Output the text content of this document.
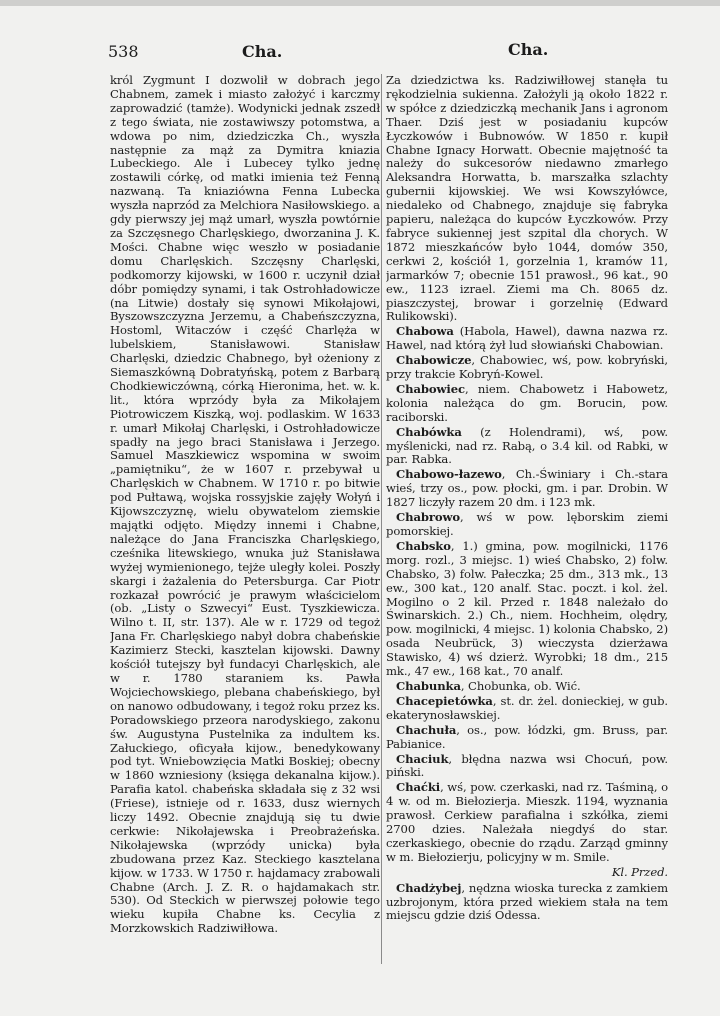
538	Cha.	Cha.

król Zygmunt I dozwolił w dobrach jego Chabnem, zamek i miasto założyć i karczmy zaprowadzić (tamże). Wodynicki jednak zszedł z tego świata, nie zostawiwszy potomstwa, a wdowa po nim, dziedziczka Ch., wyszła następnie za mąż za Dymitra kniazia Lubeckiego. Ale i Lubecey tylko jednę zostawili córkę, od matki imienia też Fenną nazwaną. Ta kniaziówna Fenna Lubecka wyszła naprzód za Melchiora Nasiłowskiego. a gdy pierwszy jej mąż umarł, wyszła powtórnie za Szczęsnego Charlęskiego, dworzanina J. K. Mości. Chabne więc weszło w posiadanie domu Charlęskich. Szczęsny Charlęski, podkomorzy kijowski, w 1600 r. uczynił dział dóbr pomiędzy synami, i tak Ostrohładowicze (na Litwie) dostały się synowi Mikołajowi, Byszowszczyzna Jerzemu, a Chabeńszczyzna, Hostoml, Witaczów i część Charlęża w lubelskiem, Stanisławowi. Stanisław Charlęski, dziedzic Chabnego, był ożeniony z Siemaszkówną Dobratyńską, potem z Barbarą Chodkiewiczówną, córką Hieronima, het. w. k. lit., która wprzódy była za Mikołajem Piotrowiczem Kiszką, woj. podlaskim. W 1633 r. umarł Mikołaj Charlęski, i Ostrohładowicze spadły na jego braci Stanisława i Jerzego. Samuel Maszkiewicz wspomina w swoim „pamiętniku“, że w 1607 r. przebywał u Charlęskich w Chabnem. W 1710 r. po bitwie pod Pułtawą, wojska rossyjskie zajęły Wołyń i Kijowszczyznę, wielu obywatelom ziemskie majątki odjęto. Między innemi i Chabne, należące do Jana Franciszka Charlęskiego, cześnika litewskiego, wnuka już Stanisława wyżej wymienionego, tejże uległy kolei. Poszły skargi i żażalenia do Petersburga. Car Piotr rozkazał powrócić je prawym właścicielom (ob. „Listy o Szwecyi“ Eust. Tyszkiewicza. Wilno t. II, str. 137). Ale w r. 1729 od tegoż Jana Fr. Charlęskiego nabył dobra chabeńskie Kazimierz Stecki, kasztelan kijowski. Dawny kościół tutejszy był fundacyi Charlęskich, ale w r. 1780 staraniem ks. Pawła Wojciechowskiego, plebana chabeńskiego, był on nanowo odbudowany, i tegoż roku przez ks. Poradowskiego przeora narodyskiego, zakonu św. Augustyna Pustelnika za indultem ks. Załuckiego, oficyała kijow., benedykowany pod tyt. Wniebowzięcia Matki Boskiej; obecny w 1860 wzniesiony (księga dekanalna kijow.). Parafia katol. chabeńska składała się z 32 wsi (Friese), istnieje od r. 1633, dusz wiernych liczy 1492. Obecnie znajdują się tu dwie cerkwie: Nikołajewska i Preobrażeńska. Nikołajewska (wprzódy unicka) była zbudowana przez Kaz. Steckiego kasztelana kijow. w 1733. W 1750 r. hajdamacy zrabowali Chabne (Arch. J. Z. R. o hajdamakach str. 530). Od Steckich w pierwszej połowie tego wieku kupiła Chabne ks. Cecylia z Morzkowskich Radziwiłłowa.

Za dziedzictwa ks. Radziwiłłowej stanęła tu rękodzielnia sukienna. Założyli ją około 1822 r. w spółce z dziedziczką mechanik Jans i agronom Thaer. Dziś jest w posiadaniu kupców Łyczkowów i Bubnowów. W 1850 r. kupił Chabne Ignacy Horwatt. Obecnie majętność ta należy do sukcesorów niedawno zmarłego Aleksandra Horwatta, b. marszałka szlachty gubernii kijowskiej. We wsi Kowszyłówce, niedaleko od Chabnego, znajduje się fabryka papieru, należąca do kupców Łyczkowów. Przy fabryce sukiennej jest szpital dla chorych. W 1872 mieszkańców było 1044, domów 350, cerkwi 2, kościół 1, gorzelnia 1, kramów 11, jarmarków 7; obecnie 151 prawosł., 96 kat., 90 ew., 1123 izrael. Ziemi ma Ch. 8065 dz. piaszczystej, browar i gorzelnię (Edward Rulikowski).

Chabowa (Habola, Hawel), dawna nazwa rz. Hawel, nad którą żył lud słowiański Chabowian.

Chabowicze, Chabowiec, wś, pow. kobryński, przy trakcie Kobryń-Kowel.

Chabowiec, niem. Chabowetz i Habowetz, kolonia należąca do gm. Borucin, pow. raciborski.

Chabówka (z Holendrami), wś, pow. myślenicki, nad rz. Rabą, o 3.4 kil. od Rabki, w par. Rabka.

Chabowo-łazewo, Ch.-Świniary i Ch.-stara wieś, trzy os., pow. płocki, gm. i par. Drobin. W 1827 liczyły razem 20 dm. i 123 mk.

Chabrowo, wś w pow. lęborskim ziemi pomorskiej.

Chabsko, 1.) gmina, pow. mogilnicki, 1176 morg. rozl., 3 miejsc. 1) wieś Chabsko, 2) folw. Chabsko, 3) folw. Pałeczka; 25 dm., 313 mk., 13 ew., 300 kat., 120 analf. Stac. poczt. i kol. żel. Mogilno o 2 kil. Przed r. 1848 należało do Świnarskich. 2.) Ch., niem. Hochheim, olędry, pow. mogilnicki, 4 miejsc. 1) kolonia Chabsko, 2) osada Neubrück, 3) wieczysta dzierżawa Stawisko, 4) wś dzierż. Wyrobki; 18 dm., 215 mk., 47 ew., 168 kat., 70 analf.

Chabunka, Chobunka, ob. Wić.

Chacepietówka, st. dr. żel. donieckiej, w gub. ekaterynosławskiej.

Chachuła, os., pow. łódzki, gm. Bruss, par. Pabianice.

Chaciuk, błędna nazwa wsi Chocuń, pow. piński.

Chaćki, wś, pow. czerkaski, nad rz. Taśminą, o 4 w. od m. Biełozierja. Mieszk. 1194, wyznania prawosł. Cerkiew parafialna i szkółka, ziemi 2700 dzies. Należała niegdyś do star. czerkaskiego, obecnie do rządu. Zarząd gminny w m. Biełozierju, policyjny w m. Smile.

Kl. Przed.

Chadżybej, nędzna wioska turecka z zamkiem uzbrojonym, która przed wiekiem stała na tem miejscu gdzie dziś Odessa.
